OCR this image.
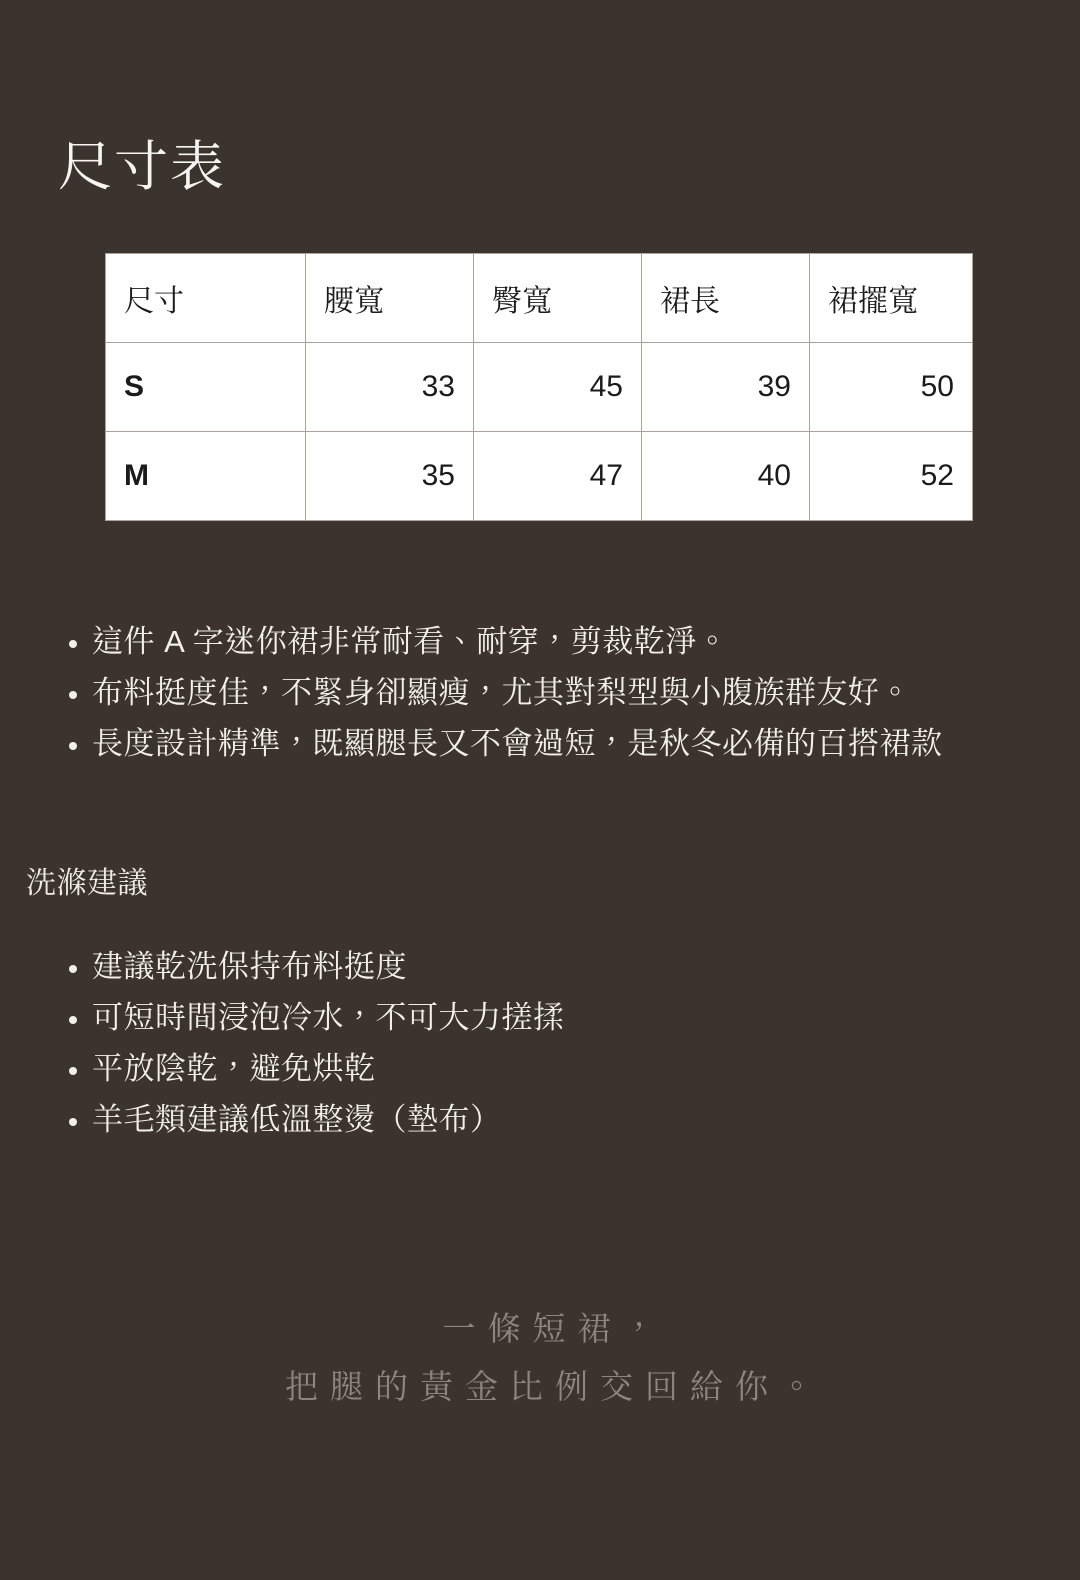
尺寸表
尺寸	腰寬	臀寬	裙長	裙擺寬
S	33	45	39	50
M	35	47	40	52
• 這件 A 字迷你裙非常耐看、耐穿，剪裁乾淨。
• 布料挺度佳，不緊身卻顯瘦，尤其對梨型與小腹族群友好。
• 長度設計精準，既顯腿長又不會過短，是秋冬必備的百搭裙款
洗滌建議
• 建議乾洗保持布料挺度
• 可短時間浸泡冷水，不可大力搓揉
• 平放陰乾，避免烘乾
• 羊毛類建議低溫整燙（墊布）
一條短裙，
把腿的黃金比例交回給你。
